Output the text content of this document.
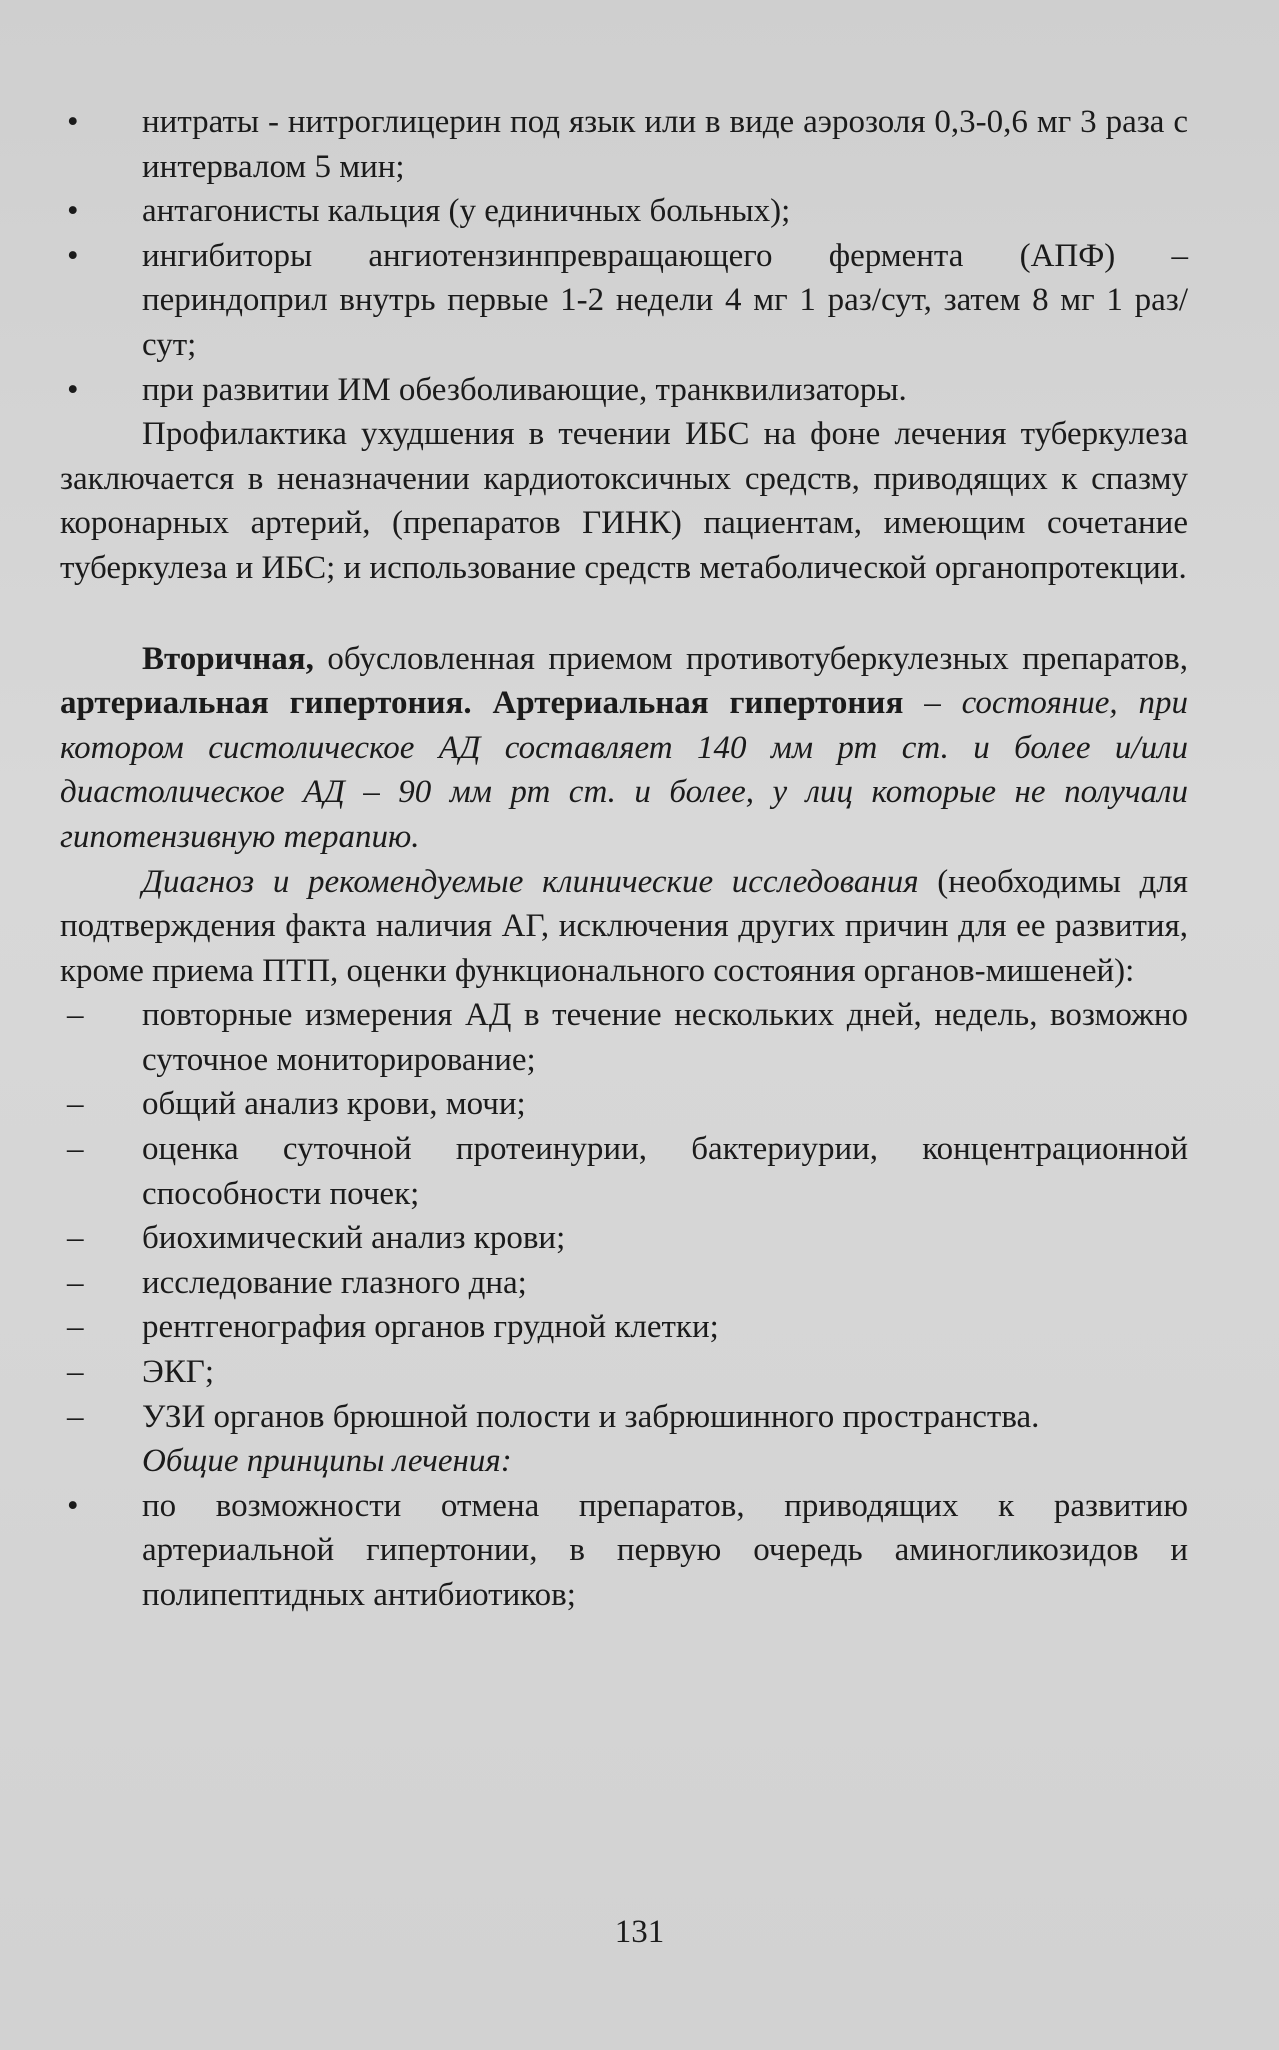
•	нитраты - нитроглицерин под язык или в виде аэрозоля 0,3-0,6 мг 3 раза с интервалом 5 мин;
•	антагонисты кальция (у единичных больных);
•	ингибиторы ангиотензинпревращающего фермента (АПФ) – периндоприл внутрь первые 1-2 недели 4 мг 1 раз/сут, затем 8 мг 1 раз/сут;
•	при развитии ИМ обезболивающие, транквилизаторы.
Профилактика ухудшения в течении ИБС на фоне лечения туберкулеза заключается в неназначении кардиотоксичных средств, приводящих к спазму коронарных артерий, (препаратов ГИНК) пациентам, имеющим сочетание туберкулеза и ИБС; и использование средств метаболической органопротекции.
Вторичная, обусловленная приемом противотуберкулезных препаратов, артериальная гипертония. Артериальная гипертония – состояние, при котором систолическое АД составляет 140 мм рт ст. и более и/или диастолическое АД – 90 мм рт ст. и более, у лиц которые не получали гипотензивную терапию.
Диагноз и рекомендуемые клинические исследования (необходимы для подтверждения факта наличия АГ, исключения других причин для ее развития, кроме приема ПТП, оценки функционального состояния органов-мишеней):
–	повторные измерения АД в течение нескольких дней, недель, возможно суточное мониторирование;
–	общий анализ крови, мочи;
–	оценка суточной протеинурии, бактериурии, концентрационной способности почек;
–	биохимический анализ крови;
–	исследование глазного дна;
–	рентгенография органов грудной клетки;
–	ЭКГ;
–	УЗИ органов брюшной полости и забрюшинного пространства.
Общие принципы лечения:
•	по возможности отмена препаратов, приводящих к развитию артериальной гипертонии, в первую очередь аминогликозидов и полипептидных антибиотиков;
131
